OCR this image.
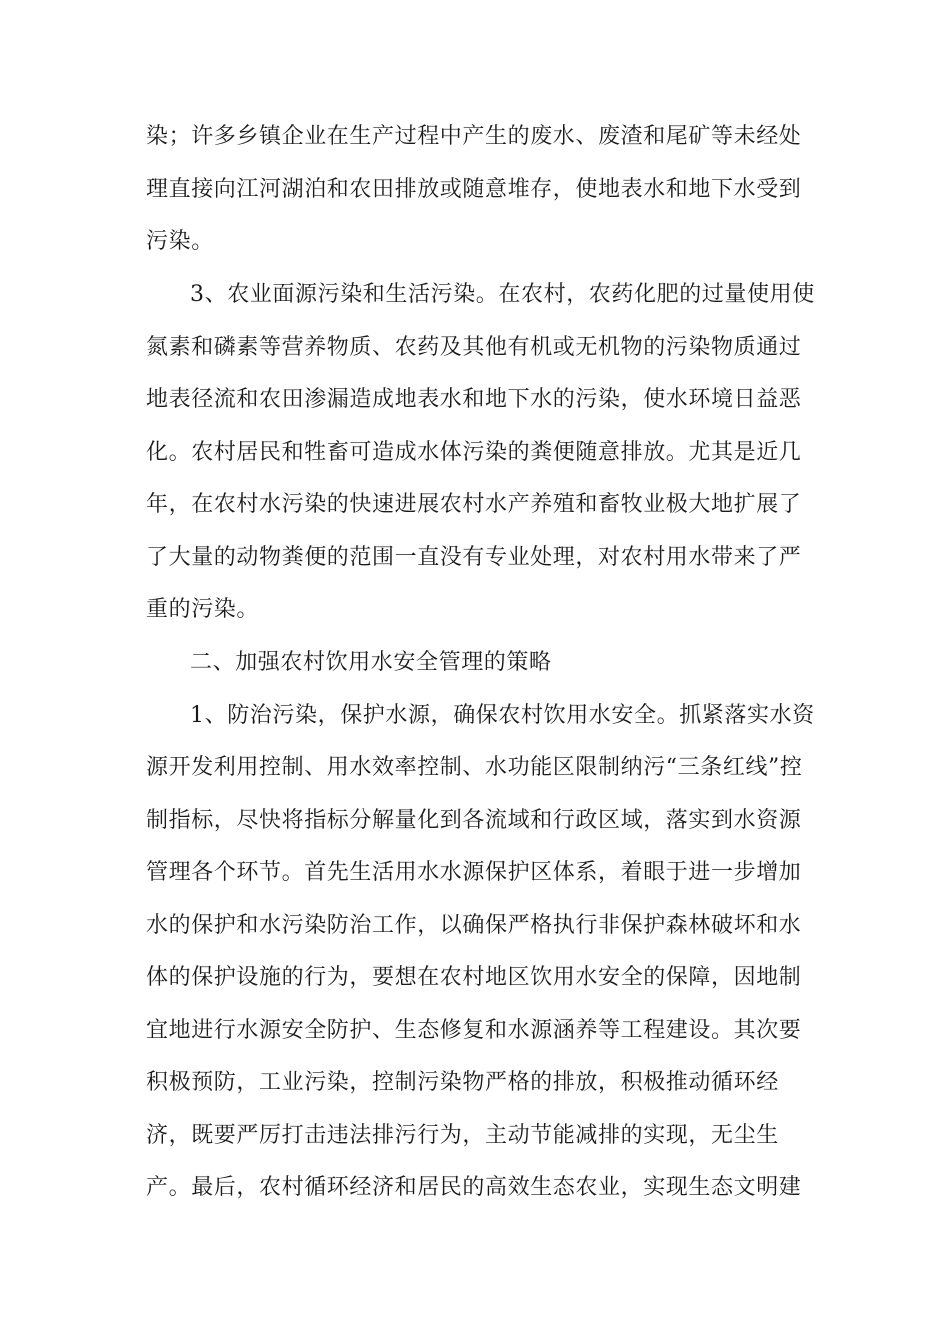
染；许多乡镇企业在生产过程中产生的废水、废渣和尾矿等未经处

理直接向江河湖泊和农田排放或随意堆存，使地表水和地下水受到

污染。

3、农业面源污染和生活污染。在农村，农药化肥的过量使用使

氮素和磷素等营养物质、农药及其他有机或无机物的污染物质通过

地表径流和农田渗漏造成地表水和地下水的污染，使水环境日益恶

化。农村居民和牲畜可造成水体污染的粪便随意排放。尤其是近几

年，在农村水污染的快速进展农村水产养殖和畜牧业极大地扩展了

了大量的动物粪便的范围一直没有专业处理，对农村用水带来了严

重的污染。

二、加强农村饮用水安全管理的策略

1、防治污染，保护水源，确保农村饮用水安全。抓紧落实水资

源开发利用控制、用水效率控制、水功能区限制纳污“三条红线”控

制指标，尽快将指标分解量化到各流域和行政区域，落实到水资源

管理各个环节。首先生活用水水源保护区体系，着眼于进一步增加

水的保护和水污染防治工作，以确保严格执行非保护森林破坏和水

体的保护设施的行为，要想在农村地区饮用水安全的保障，因地制

宜地进行水源安全防护、生态修复和水源涵养等工程建设。其次要

积极预防，工业污染，控制污染物严格的排放，积极推动循环经

济，既要严厉打击违法排污行为，主动节能减排的实现，无尘生

产。最后，农村循环经济和居民的高效生态农业，实现生态文明建
